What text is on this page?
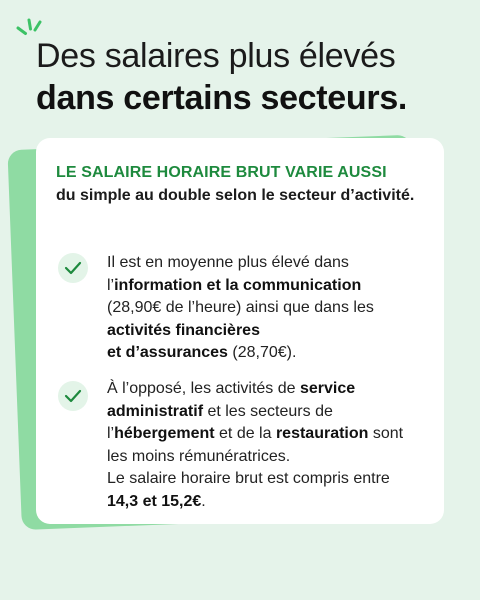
Des salaires plus élevés
dans certains secteurs.
LE SALAIRE HORAIRE BRUT VARIE AUSSI
du simple au double selon le secteur d’activité.
Il est en moyenne plus élevé dans l’information et la communication (28,90€ de l’heure) ainsi que dans les activités financières
et d’assurances (28,70€).
À l’opposé, les activités de service administratif et les secteurs de l’hébergement et de la restauration sont les moins rémunératrices.
Le salaire horaire brut est compris entre 14,3 et 15,2€.
